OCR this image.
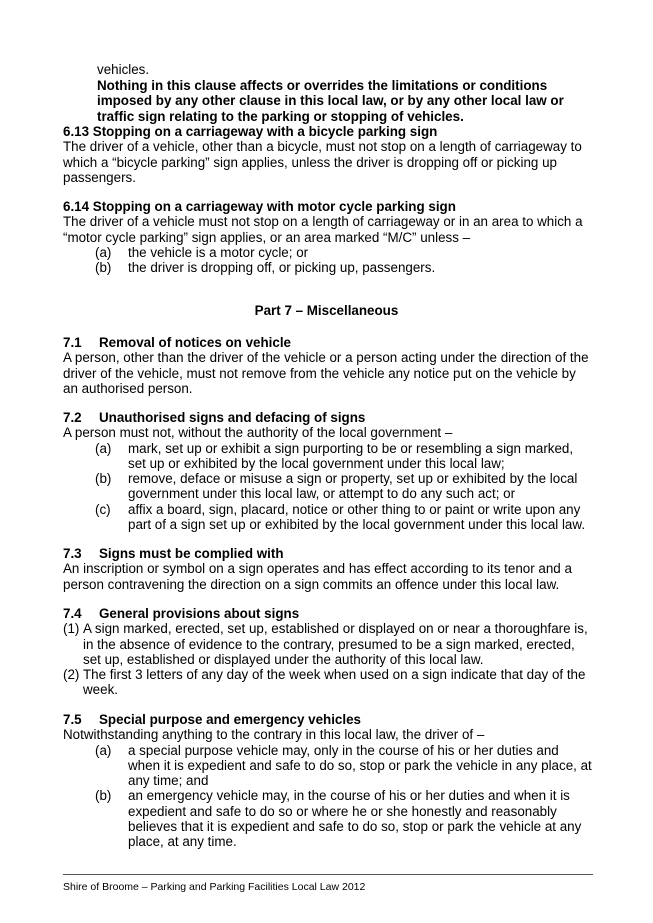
vehicles.
Nothing in this clause affects or overrides the limitations or conditions imposed by any other clause in this local law, or by any other local law or traffic sign relating to the parking or stopping of vehicles.
6.13 Stopping on a carriageway with a bicycle parking sign
The driver of a vehicle, other than a bicycle, must not stop on a length of carriageway to which a “bicycle parking” sign applies, unless the driver is dropping off or picking up passengers.
6.14 Stopping on a carriageway with motor cycle parking sign
The driver of a vehicle must not stop on a length of carriageway or in an area to which a “motor cycle parking” sign applies, or an area marked “M/C” unless –
(a) the vehicle is a motor cycle; or
(b) the driver is dropping off, or picking up, passengers.
Part 7 – Miscellaneous
7.1 Removal of notices on vehicle
A person, other than the driver of the vehicle or a person acting under the direction of the driver of the vehicle, must not remove from the vehicle any notice put on the vehicle by an authorised person.
7.2 Unauthorised signs and defacing of signs
A person must not, without the authority of the local government –
(a) mark, set up or exhibit a sign purporting to be or resembling a sign marked, set up or exhibited by the local government under this local law;
(b) remove, deface or misuse a sign or property, set up or exhibited by the local government under this local law, or attempt to do any such act; or
(c) affix a board, sign, placard, notice or other thing to or paint or write upon any part of a sign set up or exhibited by the local government under this local law.
7.3 Signs must be complied with
An inscription or symbol on a sign operates and has effect according to its tenor and a person contravening the direction on a sign commits an offence under this local law.
7.4 General provisions about signs
(1) A sign marked, erected, set up, established or displayed on or near a thoroughfare is, in the absence of evidence to the contrary, presumed to be a sign marked, erected, set up, established or displayed under the authority of this local law.
(2) The first 3 letters of any day of the week when used on a sign indicate that day of the week.
7.5 Special purpose and emergency vehicles
Notwithstanding anything to the contrary in this local law, the driver of –
(a) a special purpose vehicle may, only in the course of his or her duties and when it is expedient and safe to do so, stop or park the vehicle in any place, at any time; and
(b) an emergency vehicle may, in the course of his or her duties and when it is expedient and safe to do so or where he or she honestly and reasonably believes that it is expedient and safe to do so, stop or park the vehicle at any place, at any time.
Shire of Broome – Parking and Parking Facilities Local Law 2012
